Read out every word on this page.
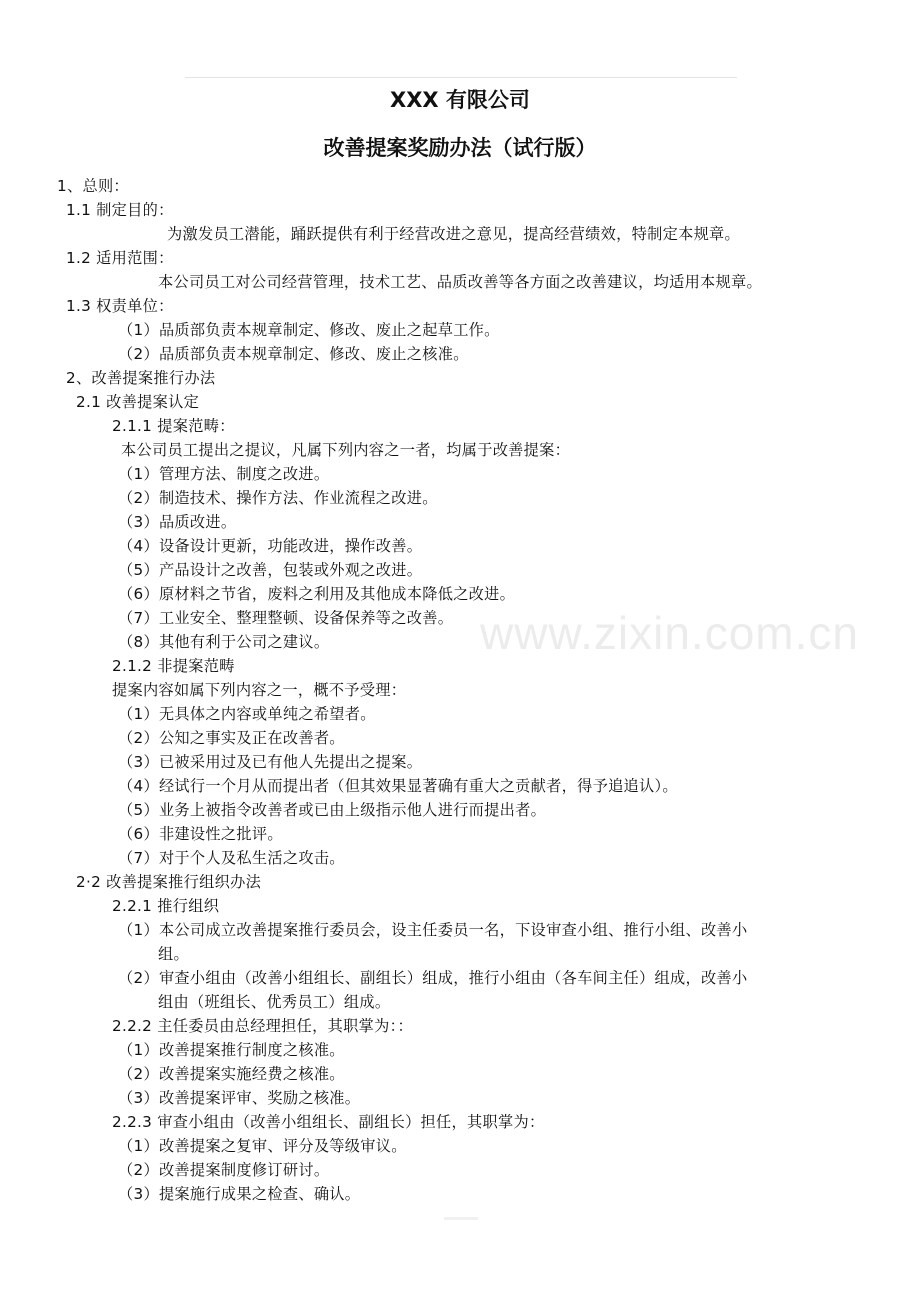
www.zixin.com.cn
XXX 有限公司
改善提案奖励办法（试行版）

1、总则：

1.1 制定目的：

为激发员工潜能，踊跃提供有利于经营改进之意见，提高经营绩效，特制定本规章。

1.2 适用范围：

本公司员工对公司经营管理，技术工艺、品质改善等各方面之改善建议，均适用本规章。

1.3 权责单位：

（1）品质部负责本规章制定、修改、废止之起草工作。

（2）品质部负责本规章制定、修改、废止之核准。

2、改善提案推行办法

2.1 改善提案认定

2.1.1 提案范畴：

本公司员工提出之提议，凡属下列内容之一者，均属于改善提案：

（1）管理方法、制度之改进。

（2）制造技术、操作方法、作业流程之改进。

（3）品质改进。

（4）设备设计更新，功能改进，操作改善。

（5）产品设计之改善，包装或外观之改进。

（6）原材料之节省，废料之利用及其他成本降低之改进。

（7）工业安全、整理整顿、设备保养等之改善。

（8）其他有利于公司之建议。

2.1.2 非提案范畴

提案内容如属下列内容之一，概不予受理：

（1）无具体之内容或单纯之希望者。

（2）公知之事实及正在改善者。

（3）已被采用过及已有他人先提出之提案。

（4）经试行一个月从而提出者（但其效果显著确有重大之贡献者，得予追追认）。

（5）业务上被指令改善者或已由上级指示他人进行而提出者。

（6）非建设性之批评。

（7）对于个人及私生活之攻击。

2·2 改善提案推行组织办法

2.2.1 推行组织

（1）本公司成立改善提案推行委员会，设主任委员一名，下设审查小组、推行小组、改善小

组。

（2）审查小组由（改善小组组长、副组长）组成，推行小组由（各车间主任）组成，改善小

组由（班组长、优秀员工）组成。

2.2.2 主任委员由总经理担任，其职掌为：：

（1）改善提案推行制度之核准。

（2）改善提案实施经费之核准。

（3）改善提案评审、奖励之核准。

2.2.3 审查小组由（改善小组组长、副组长）担任，其职掌为：

（1）改善提案之复审、评分及等级审议。

（2）改善提案制度修订研讨。

（3）提案施行成果之检查、确认。
